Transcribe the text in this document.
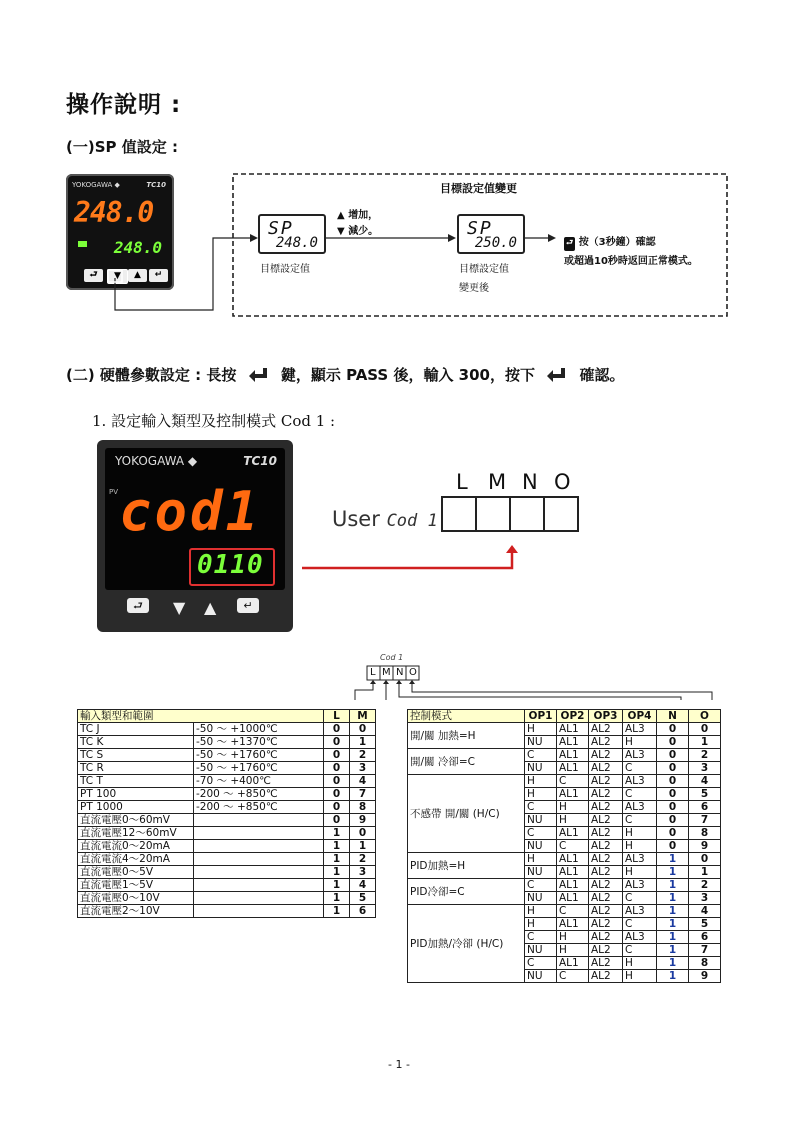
操作說明 :
(一)SP 值設定 :
YOKOGAWA ◆	TC10
248.0
248.0
⮐	▼	▲	↵
目標設定值變更
SP
248.0
目標設定值
▲ 增加，
▼ 減少。	SP
250.0
目標設定值
變更後
⮐ 按（3秒鐘）確認
或超過10秒時返回正常模式。
(二) 硬體參數設定 : 長按	鍵，顯示 PASS 後，輸入 300，按下	確認。
1. 設定輸入類型及控制模式 Cod 1 :
YOKOGAWA ◆	TC10
PV cod1
0110
⮐	▼ ▲	↵
User Cod 1
L M N O
Cod 1
L M N O
輸入類型和範圍		L	M
TC J	-50 ～ +1000℃	0	0
TC K	-50 ～ +1370℃	0	1
TC S	-50 ～ +1760℃	0	2
TC R	-50 ～ +1760℃	0	3
TC T	-70 ～ +400℃	0	4
PT 100	-200 ～ +850℃	0	7
PT 1000	-200 ～ +850℃	0	8
直流電壓0～60mV		0	9
直流電壓12～60mV		1	0
直流電流0～20mA		1	1
直流電流4～20mA		1	2
直流電壓0～5V		1	3
直流電壓1～5V		1	4
直流電壓0～10V		1	5
直流電壓2～10V		1	6
控制模式	OP1	OP2	OP3	OP4	N	O
開/關 加熱=H	H	AL1	AL2	AL3	0	0
	NU	AL1	AL2	H	0	1
開/關 冷卻=C	C	AL1	AL2	AL3	0	2
	NU	AL1	AL2	C	0	3
不感帶 開/關 (H/C)	H	C	AL2	AL3	0	4
	H	AL1	AL2	C	0	5
	C	H	AL2	AL3	0	6
	NU	H	AL2	C	0	7
	C	AL1	AL2	H	0	8
	NU	C	AL2	H	0	9
PID加熱=H	H	AL1	AL2	AL3	1	0
	NU	AL1	AL2	H	1	1
PID冷卻=C	C	AL1	AL2	AL3	1	2
	NU	AL1	AL2	C	1	3
PID加熱/冷卻 (H/C)	H	C	AL2	AL3	1	4
	H	AL1	AL2	C	1	5
	C	H	AL2	AL3	1	6
	NU	H	AL2	C	1	7
	C	AL1	AL2	H	1	8
	NU	C	AL2	H	1	9
- 1 -
